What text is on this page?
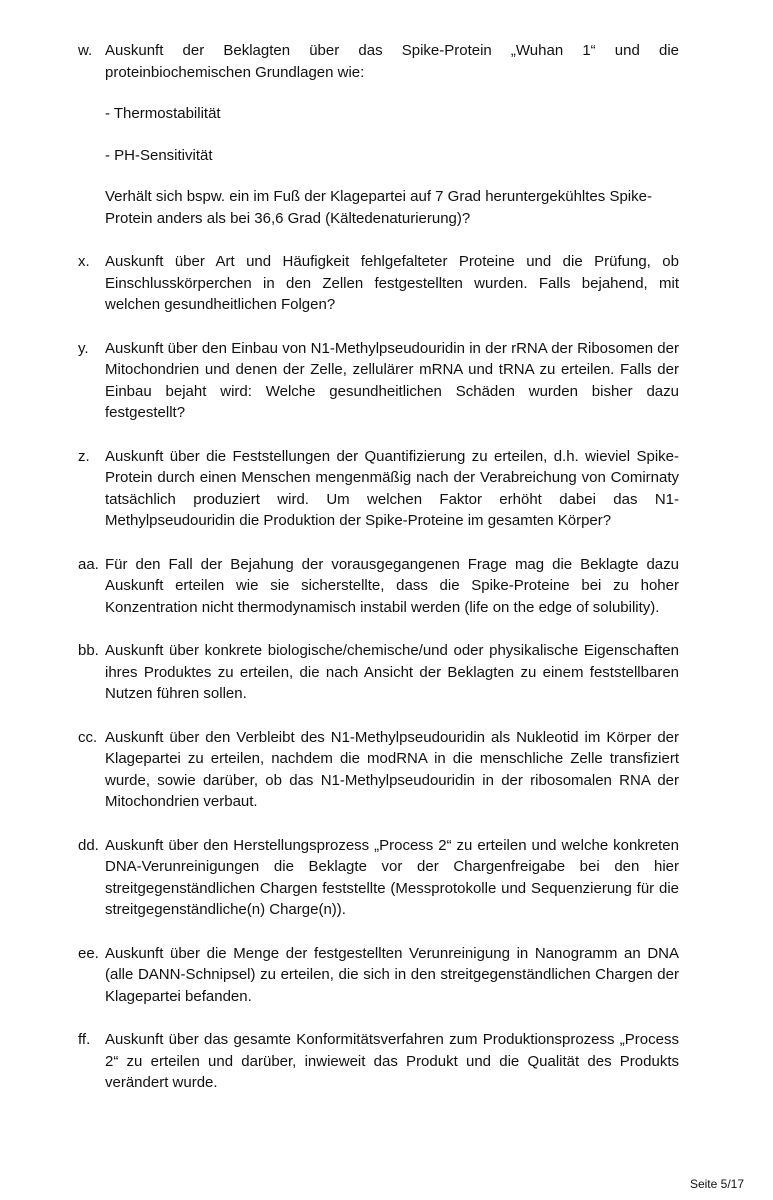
w. Auskunft der Beklagten über das Spike-Protein „Wuhan 1“ und die proteinbiochemischen Grundlagen wie:

- Thermostabilität

- PH-Sensitivität

Verhält sich bspw. ein im Fuß der Klagepartei auf 7 Grad heruntergekühltes Spike-Protein anders als bei 36,6 Grad (Kältedenaturierung)?

x.	Auskunft über Art und Häufigkeit fehlgefalteter Proteine und die Prüfung, ob Einschlusskörperchen in den Zellen festgestellten wurden. Falls bejahend, mit welchen gesundheitlichen Folgen?

y.	Auskunft über den Einbau von N1-Methylpseudouridin in der rRNA der Ribosomen der Mitochondrien und denen der Zelle, zellulärer mRNA und tRNA zu erteilen. Falls der Einbau bejaht wird: Welche gesundheitlichen Schäden wurden bisher dazu festgestellt?

z.	Auskunft über die Feststellungen der Quantifizierung zu erteilen, d.h. wieviel Spike-Protein durch einen Menschen mengenmäßig nach der Verabreichung von Comirnaty tatsächlich produziert wird. Um welchen Faktor erhöht dabei das N1-Methylpseudouridin die Produktion der Spike-Proteine im gesamten Körper?

aa. Für den Fall der Bejahung der vorausgegangenen Frage mag die Beklagte dazu Auskunft erteilen wie sie sicherstellte, dass die Spike-Proteine bei zu hoher Konzentration nicht thermodynamisch instabil werden (life on the edge of solubility).

bb. Auskunft über konkrete biologische/chemische/und oder physikalische Eigenschaften ihres Produktes zu erteilen, die nach Ansicht der Beklagten zu einem feststellbaren Nutzen führen sollen.

cc. Auskunft über den Verbleibt des N1-Methylpseudouridin als Nukleotid im Körper der Klagepartei zu erteilen, nachdem die modRNA in die menschliche Zelle transfiziert wurde, sowie darüber, ob das N1-Methylpseudouridin in der ribosomalen RNA der Mitochondrien verbaut.

dd. Auskunft über den Herstellungsprozess „Process 2“ zu erteilen und welche konkreten DNA-Verunreinigungen die Beklagte vor der Chargenfreigabe bei den hier streitgegenständlichen Chargen feststellte (Messprotokolle und Sequenzierung für die streitgegenständliche(n) Charge(n)).

ee. Auskunft über die Menge der festgestellten Verunreinigung in Nanogramm an DNA (alle DANN-Schnipsel) zu erteilen, die sich in den streitgegenständlichen Chargen der Klagepartei befanden.

ff. Auskunft über das gesamte Konformitätsverfahren zum Produktionsprozess „Process 2“ zu erteilen und darüber, inwieweit das Produkt und die Qualität des Produkts verändert wurde.

Seite 5/17
